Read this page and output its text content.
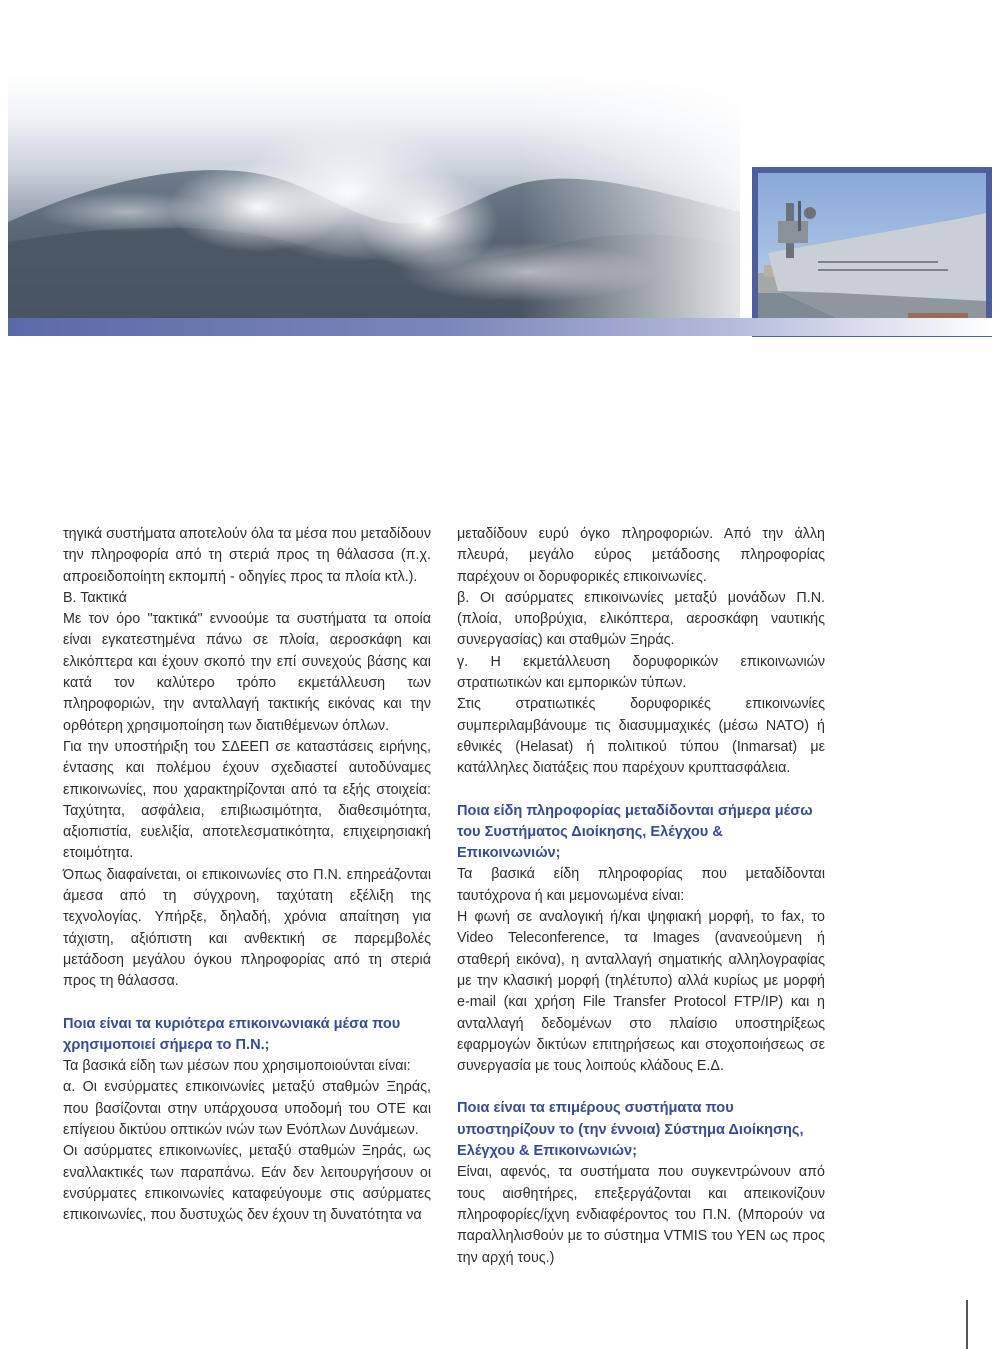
τηγικά συστήματα αποτελούν όλα τα μέσα που μεταδίδουν την πληροφορία από τη στεριά προς τη θάλασσα (π.χ. απροειδοποίητη εκπομπή - οδηγίες προς τα πλοία κτλ.).

Β. Τακτικά

Με τον όρο "τακτικά" εννοούμε τα συστήματα τα οποία είναι εγκατεστημένα πάνω σε πλοία, αεροσκάφη και ελικόπτερα και έχουν σκοπό την επί συνεχούς βάσης και κατά τον καλύτερο τρόπο εκμετάλλευση των πληροφοριών, την ανταλλαγή τακτικής εικόνας και την ορθότερη χρησιμοποίηση των διατιθέμενων όπλων.

Για την υποστήριξη του ΣΔΕΕΠ σε καταστάσεις ειρήνης, έντασης και πολέμου έχουν σχεδιαστεί αυτοδύναμες επικοινωνίες, που χαρακτηρίζονται από τα εξής στοιχεία: Ταχύτητα, ασφάλεια, επιβιωσιμότητα, διαθεσιμότητα, αξιοπιστία, ευελιξία, αποτελεσματικότητα, επιχειρησιακή ετοιμότητα.

Όπως διαφαίνεται, οι επικοινωνίες στο Π.Ν. επηρεάζονται άμεσα από τη σύγχρονη, ταχύτατη εξέλιξη της τεχνολογίας. Υπήρξε, δηλαδή, χρόνια απαίτηση για τάχιστη, αξιόπιστη και ανθεκτική σε παρεμβολές μετάδοση μεγάλου όγκου πληροφορίας από τη στεριά προς τη θάλασσα.

Ποια είναι τα κυριότερα επικοινωνιακά μέσα που χρησιμοποιεί σήμερα το Π.Ν.;

Τα βασικά είδη των μέσων που χρησιμοποιούνται είναι:

α. Οι ενσύρματες επικοινωνίες μεταξύ σταθμών Ξηράς, που βασίζονται στην υπάρχουσα υποδομή του ΟΤΕ και επίγειου δικτύου οπτικών ινών των Ενόπλων Δυνάμεων.

Οι ασύρματες επικοινωνίες, μεταξύ σταθμών Ξηράς, ως εναλλακτικές των παραπάνω. Εάν δεν λειτουργήσουν οι ενσύρματες επικοινωνίες καταφεύγουμε στις ασύρματες επικοινωνίες, που δυστυχώς δεν έχουν τη δυνατότητα να

μεταδίδουν ευρύ όγκο πληροφοριών. Από την άλλη πλευρά, μεγάλο εύρος μετάδοσης πληροφορίας παρέχουν οι δορυφορικές επικοινωνίες.

β. Οι ασύρματες επικοινωνίες μεταξύ μονάδων Π.Ν. (πλοία, υποβρύχια, ελικόπτερα, αεροσκάφη ναυτικής συνεργασίας) και σταθμών Ξηράς.

γ. Η εκμετάλλευση δορυφορικών επικοινωνιών στρατιωτικών και εμπορικών τύπων.

Στις στρατιωτικές δορυφορικές επικοινωνίες συμπεριλαμβάνουμε τις διασυμμαχικές (μέσω NATO) ή εθνικές (Helasat) ή πολιτικού τύπου (Inmarsat) με κατάλληλες διατάξεις που παρέχουν κρυπτασφάλεια.

Ποια είδη πληροφορίας μεταδίδονται σήμερα μέσω του Συστήματος Διοίκησης, Ελέγχου & Επικοινωνιών;

Τα βασικά είδη πληροφορίας που μεταδίδονται ταυτόχρονα ή και μεμονωμένα είναι:

Η φωνή σε αναλογική ή/και ψηφιακή μορφή, το fax, το Video Teleconference, τα Images (ανανεούμενη ή σταθερή εικόνα), η ανταλλαγή σηματικής αλληλογραφίας με την κλασική μορφή (τηλέτυπο) αλλά κυρίως με μορφή e-mail (και χρήση File Transfer Protocol FTP/IP) και η ανταλλαγή δεδομένων στο πλαίσιο υποστηρίξεως εφαρμογών δικτύων επιτηρήσεως και στοχοποιήσεως σε συνεργασία με τους λοιπούς κλάδους Ε.Δ.

Ποια είναι τα επιμέρους συστήματα που υποστηρίζουν το (την έννοια) Σύστημα Διοίκησης, Ελέγχου & Επικοινωνιών;

Είναι, αφενός, τα συστήματα που συγκεντρώνουν από τους αισθητήρες, επεξεργάζονται και απεικονίζουν πληροφορίες/ίχνη ενδιαφέροντος του Π.Ν. (Μπορούν να παραλληλισθούν με το σύστημα VTMIS του ΥΕΝ ως προς την αρχή τους.)
